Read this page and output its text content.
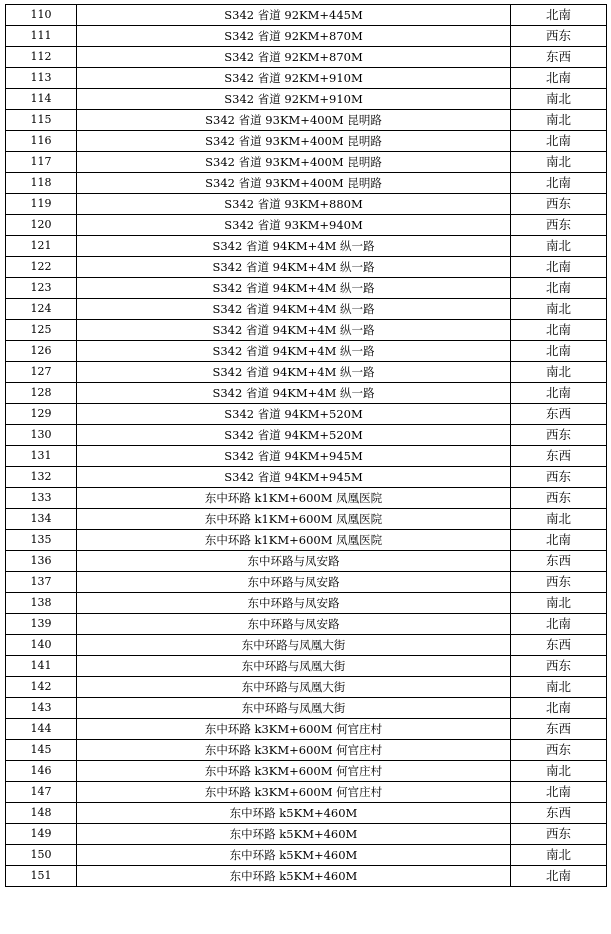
110	S342 省道 92KM+445M	北南
111	S342 省道 92KM+870M	西东
112	S342 省道 92KM+870M	东西
113	S342 省道 92KM+910M	北南
114	S342 省道 92KM+910M	南北
115	S342 省道 93KM+400M 昆明路	南北
116	S342 省道 93KM+400M 昆明路	北南
117	S342 省道 93KM+400M 昆明路	南北
118	S342 省道 93KM+400M 昆明路	北南
119	S342 省道 93KM+880M	西东
120	S342 省道 93KM+940M	西东
121	S342 省道 94KM+4M 纵一路	南北
122	S342 省道 94KM+4M 纵一路	北南
123	S342 省道 94KM+4M 纵一路	北南
124	S342 省道 94KM+4M 纵一路	南北
125	S342 省道 94KM+4M 纵一路	北南
126	S342 省道 94KM+4M 纵一路	北南
127	S342 省道 94KM+4M 纵一路	南北
128	S342 省道 94KM+4M 纵一路	北南
129	S342 省道 94KM+520M	东西
130	S342 省道 94KM+520M	西东
131	S342 省道 94KM+945M	东西
132	S342 省道 94KM+945M	西东
133	东中环路 k1KM+600M 凤凰医院	西东
134	东中环路 k1KM+600M 凤凰医院	南北
135	东中环路 k1KM+600M 凤凰医院	北南
136	东中环路与凤安路	东西
137	东中环路与凤安路	西东
138	东中环路与凤安路	南北
139	东中环路与凤安路	北南
140	东中环路与凤凰大街	东西
141	东中环路与凤凰大街	西东
142	东中环路与凤凰大街	南北
143	东中环路与凤凰大街	北南
144	东中环路 k3KM+600M 何官庄村	东西
145	东中环路 k3KM+600M 何官庄村	西东
146	东中环路 k3KM+600M 何官庄村	南北
147	东中环路 k3KM+600M 何官庄村	北南
148	东中环路 k5KM+460M	东西
149	东中环路 k5KM+460M	西东
150	东中环路 k5KM+460M	南北
151	东中环路 k5KM+460M	北南
